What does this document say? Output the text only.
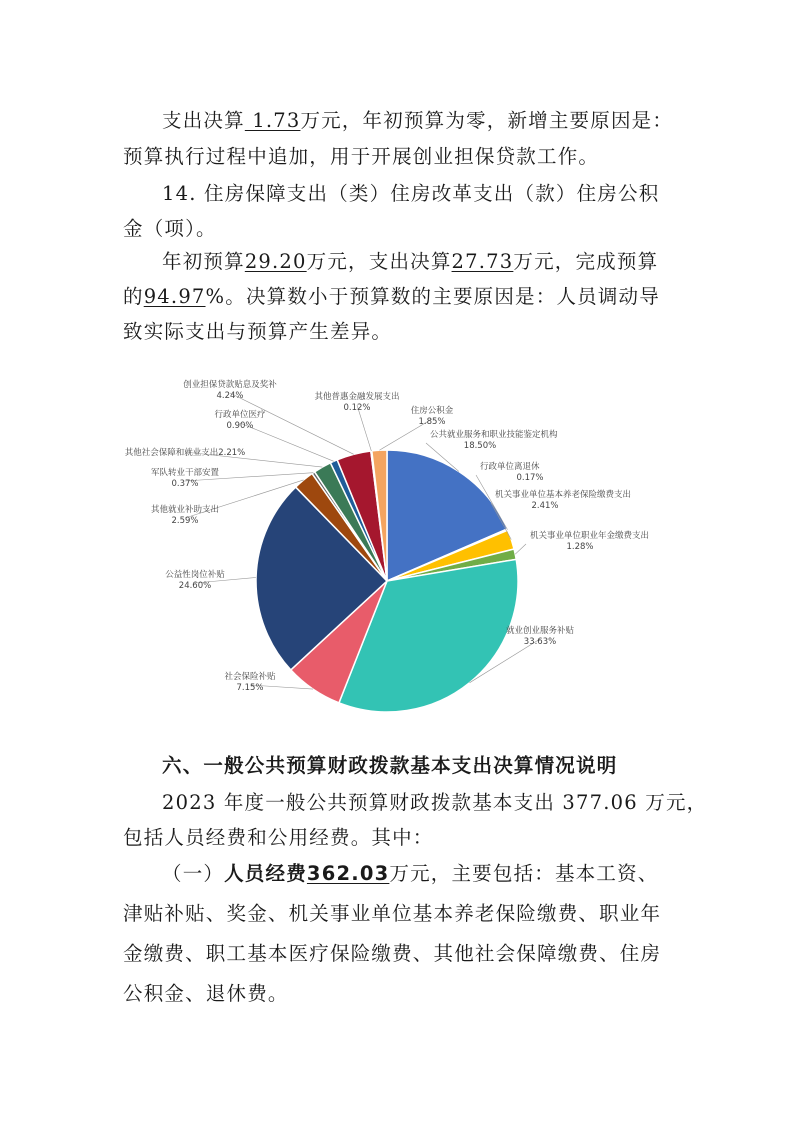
支出决算 1.73万元，年初预算为零，新增主要原因是：
预算执行过程中追加，用于开展创业担保贷款工作。
14. 住房保障支出（类）住房改革支出（款）住房公积
金（项）。
年初预算29.20万元，支出决算27.73万元，完成预算
的94.97%。决算数小于预算数的主要原因是：人员调动导
致实际支出与预算产生差异。
公共就业服务和职业技能鉴定机构
18.50%
行政单位离退休
0.17%
机关事业单位基本养老保险缴费支出
2.41%
机关事业单位职业年金缴费支出
1.28%
就业创业服务补贴
33.63%
社会保险补贴
7.15%
公益性岗位补贴
24.60%
其他就业补助支出
2.59%
军队转业干部安置
0.37%
其他社会保障和就业支出2.21%
行政单位医疗
0.90%
创业担保贷款贴息及奖补
4.24%	其他普惠金融发展支出
0.12%	住房公积金
1.85%
六、一般公共预算财政拨款基本支出决算情况说明
2023 年度一般公共预算财政拨款基本支出 377.06 万元，
包括人员经费和公用经费。其中：
（一）人员经费362.03万元，主要包括：基本工资、
津贴补贴、奖金、机关事业单位基本养老保险缴费、职业年
金缴费、职工基本医疗保险缴费、其他社会保障缴费、住房
公积金、退休费。
